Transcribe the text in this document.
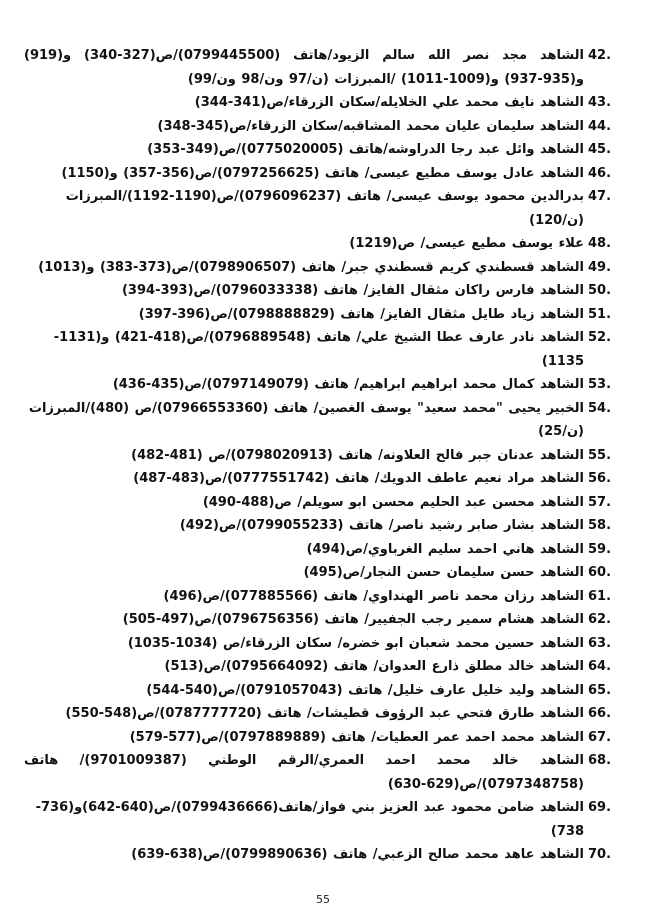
42.
الشاهد مجد نصر الله سالم الزيود/هاتف (0799445500)/ص(327-340) و(919) و(935-937) و(1009-1011) /المبرزات (ن/97 ون/98 ون/99)
43.
الشاهد نايف محمد علي الخلايله/سكان الزرقاء/ص(341-344)
44.
الشاهد سليمان عليان محمد المشاقبه/سكان الزرقاء/ص(345-348)
45.
الشاهد وائل عبد رجا الدراوشه/هاتف (0775020005)/ص(349-353)
46.
الشاهد عادل يوسف مطيع عيسى/ هاتف (0797256625)/ص(356-357) و(1150)
47.
بدرالدين محمود يوسف عيسى/ هاتف (0796096237)/ص(1190-1192)/المبرزات (ن/120)
48.
علاء يوسف مطيع عيسى/ ص(1219)
49.
الشاهد قسطندي كريم قسطندي جبر/ هاتف (0798906507)/ص(373-383) و(1013)
50.
الشاهد فارس راكان مثقال الفايز/ هاتف (0796033338)/ص(393-394)
51.
الشاهد زياد طايل مثقال الفايز/ هاتف (0798888829)/ص(396-397)
52.
الشاهد نادر عارف عطا الشيخ علي/ هاتف (0796889548)/ص(418-421) و(1131-1135)
53.
الشاهد كمال محمد ابراهيم ابراهيم/ هاتف (0797149079)/ص(435-436)
54.
الخبير يحيى "محمد سعيد" يوسف الغصين/ هاتف (07966553360)/ص (480)/المبرزات (ن/25)
55.
الشاهد عدنان جبر فالح العلاونه/ هاتف (0798020913)/ص (481-482)
56.
الشاهد مراد نعيم عاطف الدويك/ هاتف (0777551742)/ص(483-487)
57.
الشاهد محسن عبد الحليم محسن ابو سويلم/ ص(488-490)
58.
الشاهد بشار صابر رشيد ناصر/ هاتف (0799055233)/ص(492)
59.
الشاهد هاني احمد سليم الغرباوي/ص(494)
60.
الشاهد حسن سليمان حسن النجار/ص(495)
61.
الشاهد رزان محمد ناصر الهنداوي/ هاتف (077885566)/ص(496)
62.
الشاهد هشام سمير رجب الجفيير/ هاتف (0796756356)/ص(497-505)
63.
الشاهد حسين محمد شعبان ابو خضره/ سكان الزرقاء/ص (1034-1035)
64.
الشاهد خالد مطلق ذارع العدوان/ هاتف (0795664092)/ص(513)
65.
الشاهد وليد خليل عارف خليل/ هاتف (0791057043)/ص(540-544)
66.
الشاهد طارق فتحي عبد الرؤوف قطيشات/ هاتف (0787777720)/ص(548-550)
67.
الشاهد محمد احمد عمر العطيات/ هاتف (0797889889)/ص(577-579)
68.
الشاهد خالد محمد احمد العمري/الرقم الوطني (9701009387)/ هاتف (0797348758)/ص(629-630)
69.
الشاهد ضامن محمود عبد العزيز بني فواز/هاتف(0799436666)/ص(640-642)و(736-738)
70.
الشاهد عاهد محمد صالح الزعبي/ هاتف (0799890636)/ص(638-639)
55
